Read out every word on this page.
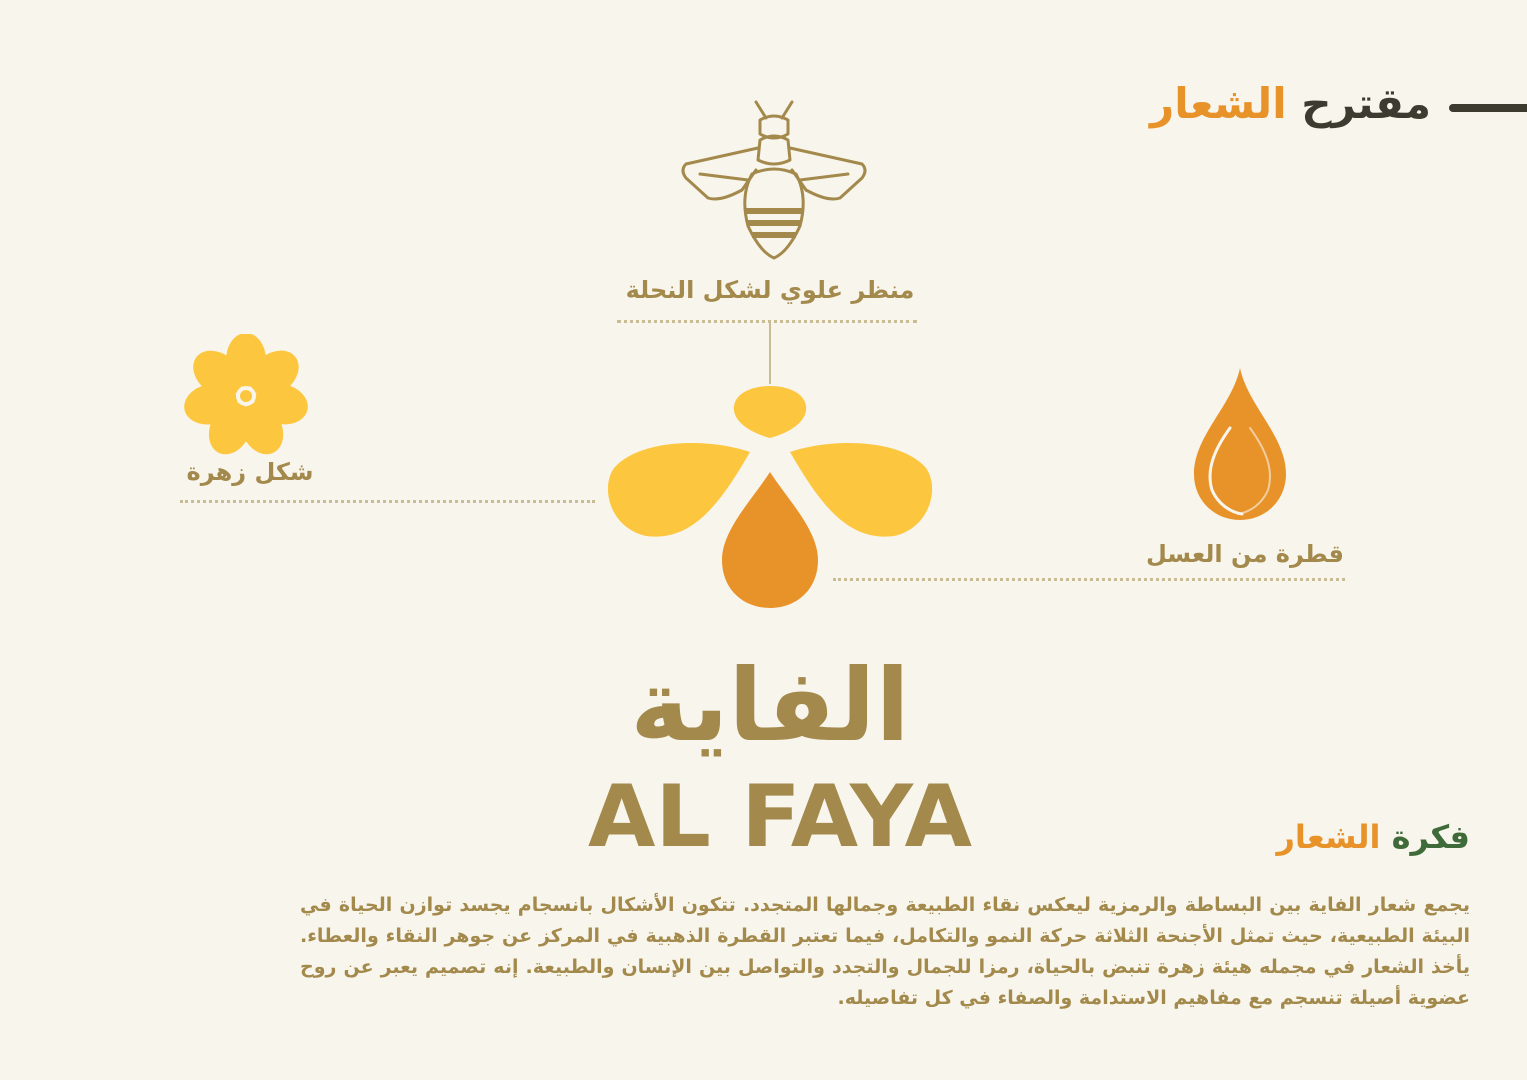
مقترح الشعار
منظر علوي لشكل النحلة
شكل زهرة
قطرة من العسل
الفاية
AL FAYA	فكرة الشعار
يجمع شعار الفاية بين البساطة والرمزية ليعكس نقاء الطبيعة وجمالها المتجدد. تتكون الأشكال بانسجام يجسد توازن الحياة في البيئة الطبيعية، حيث تمثل الأجنحة الثلاثة حركة النمو والتكامل، فيما تعتبر القطرة الذهبية في المركز عن جوهر النقاء والعطاء. يأخذ الشعار في مجمله هيئة زهرة تنبض بالحياة، رمزا للجمال والتجدد والتواصل بين الإنسان والطبيعة. إنه تصميم يعبر عن روح عضوية أصيلة تنسجم مع مفاهيم الاستدامة والصفاء في كل تفاصيله.
